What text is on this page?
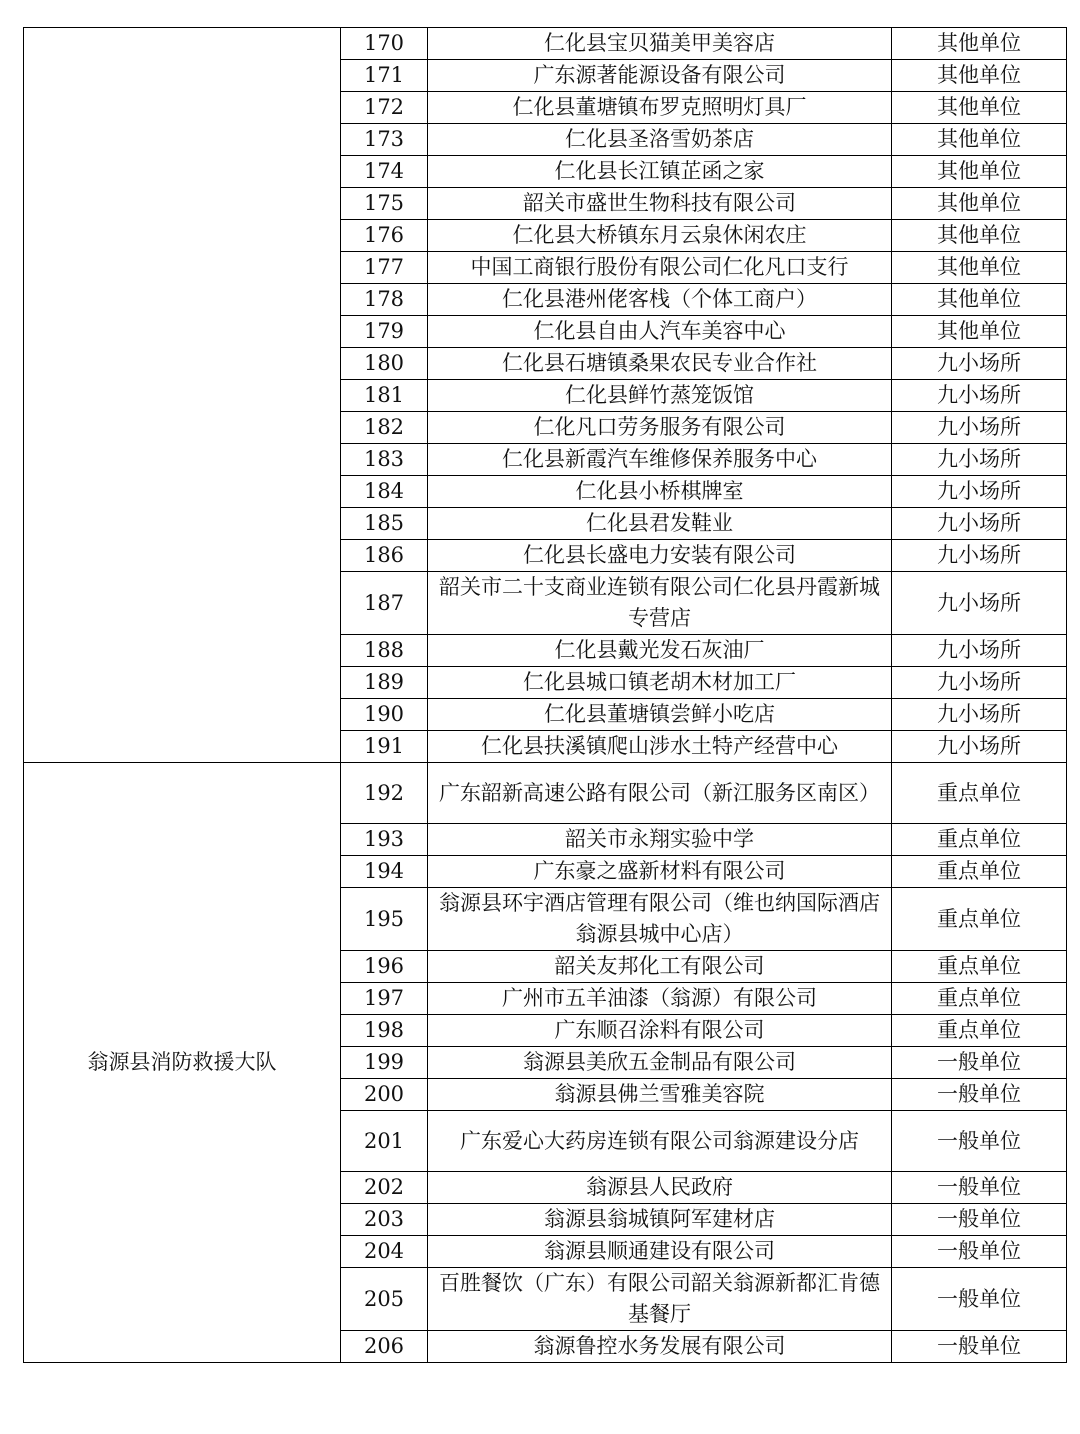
	170	仁化县宝贝猫美甲美容店	其他单位
	171	广东源著能源设备有限公司	其他单位
	172	仁化县董塘镇布罗克照明灯具厂	其他单位
	173	仁化县圣洛雪奶茶店	其他单位
	174	仁化县长江镇芷函之家	其他单位
	175	韶关市盛世生物科技有限公司	其他单位
	176	仁化县大桥镇东月云泉休闲农庄	其他单位
	177	中国工商银行股份有限公司仁化凡口支行	其他单位
	178	仁化县港州佬客栈（个体工商户）	其他单位
	179	仁化县自由人汽车美容中心	其他单位
	180	仁化县石塘镇桑果农民专业合作社	九小场所
	181	仁化县鲜竹蒸笼饭馆	九小场所
	182	仁化凡口劳务服务有限公司	九小场所
	183	仁化县新霞汽车维修保养服务中心	九小场所
	184	仁化县小桥棋牌室	九小场所
	185	仁化县君发鞋业	九小场所
	186	仁化县长盛电力安装有限公司	九小场所
	187	韶关市二十支商业连锁有限公司仁化县丹霞新城专营店	九小场所
	188	仁化县戴光发石灰油厂	九小场所
	189	仁化县城口镇老胡木材加工厂	九小场所
	190	仁化县董塘镇尝鲜小吃店	九小场所
	191	仁化县扶溪镇爬山涉水土特产经营中心	九小场所
翁源县消防救援大队	192	广东韶新高速公路有限公司（新江服务区南区）	重点单位
	193	韶关市永翔实验中学	重点单位
	194	广东豪之盛新材料有限公司	重点单位
	195	翁源县环宇酒店管理有限公司（维也纳国际酒店翁源县城中心店）	重点单位
	196	韶关友邦化工有限公司	重点单位
	197	广州市五羊油漆（翁源）有限公司	重点单位
	198	广东顺召涂料有限公司	重点单位
	199	翁源县美欣五金制品有限公司	一般单位
	200	翁源县佛兰雪雅美容院	一般单位
	201	广东爱心大药房连锁有限公司翁源建设分店	一般单位
	202	翁源县人民政府	一般单位
	203	翁源县翁城镇阿军建材店	一般单位
	204	翁源县顺通建设有限公司	一般单位
	205	百胜餐饮（广东）有限公司韶关翁源新都汇肯德基餐厅	一般单位
	206	翁源鲁控水务发展有限公司	一般单位
